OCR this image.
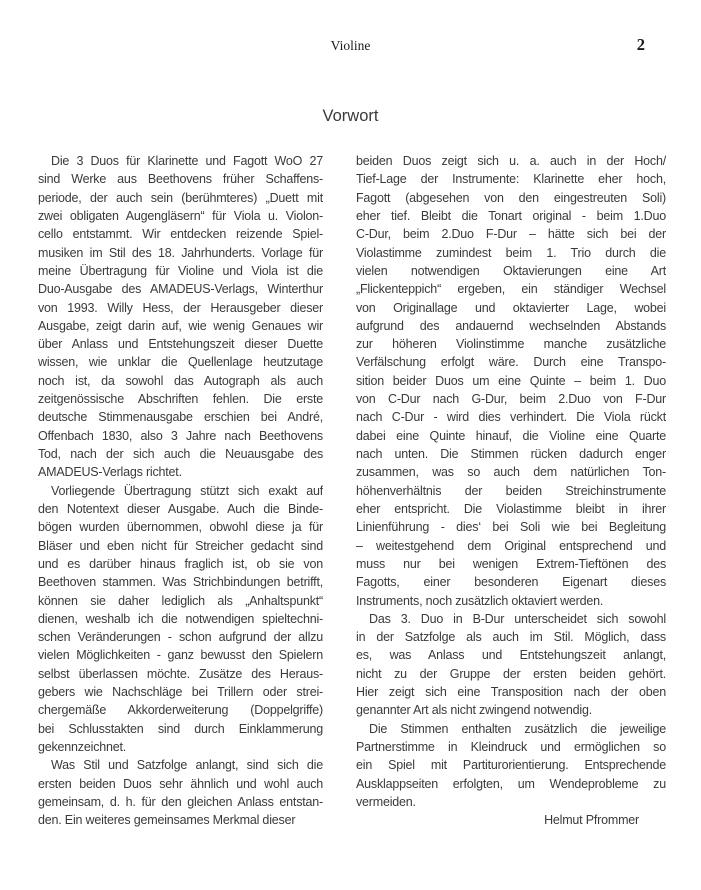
Violine	2
Vorwort
Die 3 Duos für Klarinette und Fagott WoO 27
sind Werke aus Beethovens früher Schaffens-
periode, der auch sein (berühmteres) „Duett mit
zwei obligaten Augengläsern“ für Viola u. Violon-
cello entstammt. Wir entdecken reizende Spiel-
musiken im Stil des 18. Jahrhunderts. Vorlage für
meine Übertragung für Violine und Viola ist die
Duo-Ausgabe des AMADEUS-Verlags, Winterthur
von 1993. Willy Hess, der Herausgeber dieser
Ausgabe, zeigt darin auf, wie wenig Genaues wir
über Anlass und Entstehungszeit dieser Duette
wissen, wie unklar die Quellenlage heutzutage
noch ist, da sowohl das Autograph als auch
zeitgenössische Abschriften fehlen. Die erste
deutsche Stimmenausgabe erschien bei André,
Offenbach 1830, also 3 Jahre nach Beethovens
Tod, nach der sich auch die Neuausgabe des
AMADEUS-Verlags richtet.
Vorliegende Übertragung stützt sich exakt auf
den Notentext dieser Ausgabe. Auch die Binde-
bögen wurden übernommen, obwohl diese ja für
Bläser und eben nicht für Streicher gedacht sind
und es darüber hinaus fraglich ist, ob sie von
Beethoven stammen. Was Strichbindungen betrifft,
können sie daher lediglich als „Anhaltspunkt“
dienen, weshalb ich die notwendigen spieltechni-
schen Veränderungen - schon aufgrund der allzu
vielen Möglichkeiten - ganz bewusst den Spielern
selbst überlassen möchte. Zusätze des Heraus-
gebers wie Nachschläge bei Trillern oder strei-
chergemäße Akkorderweiterung (Doppelgriffe)
bei Schlusstakten sind durch Einklammerung
gekennzeichnet.
Was Stil und Satzfolge anlangt, sind sich die
ersten beiden Duos sehr ähnlich und wohl auch
gemeinsam, d. h. für den gleichen Anlass entstan-
den. Ein weiteres gemeinsames Merkmal dieser
beiden Duos zeigt sich u. a. auch in der Hoch/
Tief-Lage der Instrumente: Klarinette eher hoch,
Fagott (abgesehen von den eingestreuten Soli)
eher tief. Bleibt die Tonart original - beim 1.Duo
C-Dur, beim 2.Duo F-Dur – hätte sich bei der
Violastimme zumindest beim 1. Trio durch die
vielen notwendigen Oktavierungen eine Art
„Flickenteppich“ ergeben, ein ständiger Wechsel
von Originallage und oktavierter Lage, wobei
aufgrund des andauernd wechselnden Abstands
zur höheren Violinstimme manche zusätzliche
Verfälschung erfolgt wäre. Durch eine Transpo-
sition beider Duos um eine Quinte – beim 1. Duo
von C-Dur nach G-Dur, beim 2.Duo von F-Dur
nach C-Dur - wird dies verhindert. Die Viola rückt
dabei eine Quinte hinauf, die Violine eine Quarte
nach unten. Die Stimmen rücken dadurch enger
zusammen, was so auch dem natürlichen Ton-
höhenverhältnis der beiden Streichinstrumente
eher entspricht. Die Violastimme bleibt in ihrer
Linienführung - dies‘ bei Soli wie bei Begleitung
– weitestgehend dem Original entsprechend und
muss nur bei wenigen Extrem-Tieftönen des
Fagotts, einer besonderen Eigenart dieses
Instruments, noch zusätzlich oktaviert werden.
Das 3. Duo in B-Dur unterscheidet sich sowohl
in der Satzfolge als auch im Stil. Möglich, dass
es, was Anlass und Entstehungszeit anlangt,
nicht zu der Gruppe der ersten beiden gehört.
Hier zeigt sich eine Transposition nach der oben
genannter Art als nicht zwingend notwendig.
Die Stimmen enthalten zusätzlich die jeweilige
Partnerstimme in Kleindruck und ermöglichen so
ein Spiel mit Partiturorientierung. Entsprechende
Ausklappseiten erfolgten, um Wendeprobleme zu
vermeiden.
Helmut Pfrommer
